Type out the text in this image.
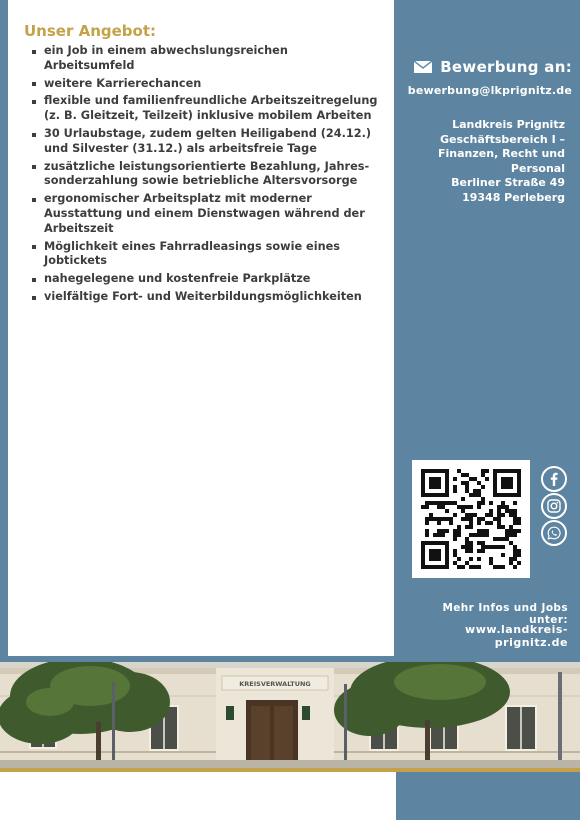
Unser Angebot:
ein Job in einem abwechslungsreichen Arbeitsumfeld
weitere Karrierechancen
flexible und familienfreundliche Arbeitszeitregelung (z. B. Gleitzeit, Teilzeit) inklusive mobilem Arbeiten
30 Urlaubstage, zudem gelten Heiligabend (24.12.) und Silvester (31.12.) als arbeitsfreie Tage
zusätzliche leistungsorientierte Bezahlung, Jahres-sonderzahlung sowie betriebliche Altersvorsorge
ergonomischer Arbeitsplatz mit moderner Ausstattung und einem Dienstwagen während der Arbeitszeit
Möglichkeit eines Fahrradleasings sowie eines Jobtickets
nahegelegene und kostenfreie Parkplätze
vielfältige Fort- und Weiterbildungsmöglichkeiten
Bewerbung an:
bewerbung@lkprignitz.de
Landkreis Prignitz
Geschäftsbereich I –
Finanzen, Recht und
Personal
Berliner Straße 49
19348 Perleberg
Mehr Infos und Jobs unter:
www.landkreis-prignitz.de
KREISVERWALTUNG
